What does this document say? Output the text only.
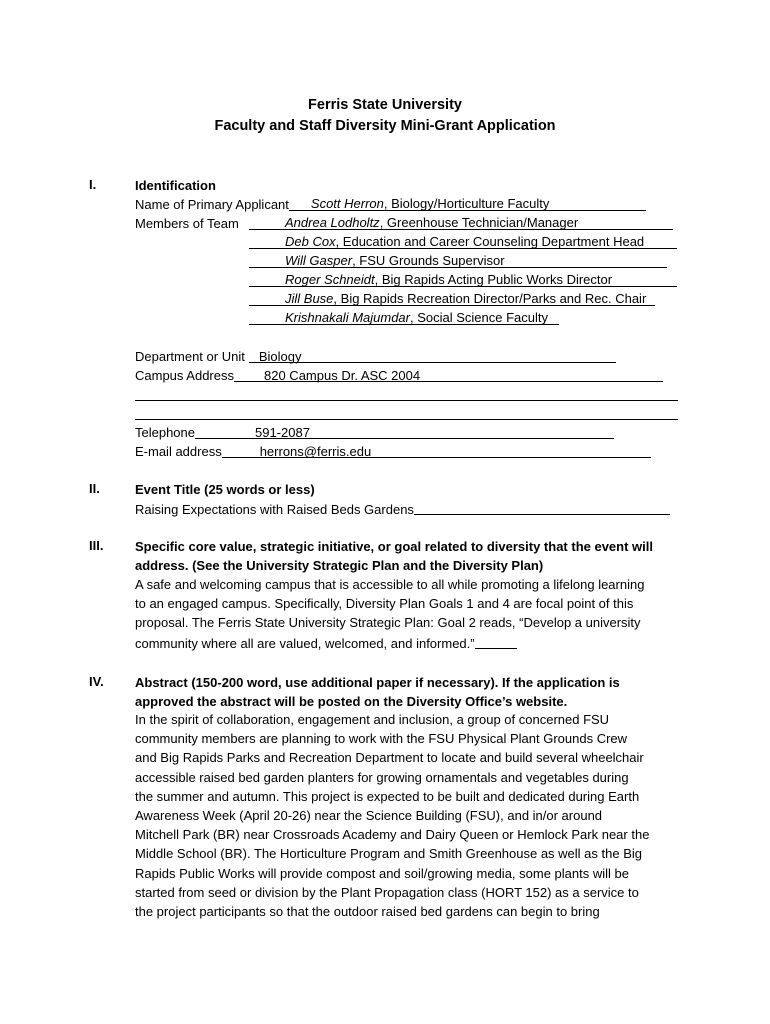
Ferris State University
Faculty and Staff Diversity Mini-Grant Application
I.	Identification
Name of Primary Applicant Scott Herron, Biology/Horticulture Faculty
Members of Team	Andrea Lodholtz, Greenhouse Technician/Manager
Deb Cox, Education and Career Counseling Department Head
Will Gasper, FSU Grounds Supervisor
Roger Schneidt, Big Rapids Acting Public Works Director
Jill Buse, Big Rapids Recreation Director/Parks and Rec. Chair
Krishnakali Majumdar, Social Science Faculty
Department or Unit Biology
Campus Address 820 Campus Dr. ASC 2004
Telephone	591-2087
E-mail address	herrons@ferris.edu
II.	Event Title (25 words or less)
Raising Expectations with Raised Beds Gardens
III. Specific core value, strategic initiative, or goal related to diversity that the event will
address. (See the University Strategic Plan and the Diversity Plan)
A safe and welcoming campus that is accessible to all while promoting a lifelong learning
to an engaged campus. Specifically, Diversity Plan Goals 1 and 4 are focal point of this
proposal. The Ferris State University Strategic Plan: Goal 2 reads, “Develop a university
community where all are valued, welcomed, and informed.”
IV. Abstract (150-200 word, use additional paper if necessary). If the application is
approved the abstract will be posted on the Diversity Office’s website.
In the spirit of collaboration, engagement and inclusion, a group of concerned FSU
community members are planning to work with the FSU Physical Plant Grounds Crew
and Big Rapids Parks and Recreation Department to locate and build several wheelchair
accessible raised bed garden planters for growing ornamentals and vegetables during
the summer and autumn. This project is expected to be built and dedicated during Earth
Awareness Week (April 20-26) near the Science Building (FSU), and in/or around
Mitchell Park (BR) near Crossroads Academy and Dairy Queen or Hemlock Park near the
Middle School (BR). The Horticulture Program and Smith Greenhouse as well as the Big
Rapids Public Works will provide compost and soil/growing media, some plants will be
started from seed or division by the Plant Propagation class (HORT 152) as a service to
the project participants so that the outdoor raised bed gardens can begin to bring
